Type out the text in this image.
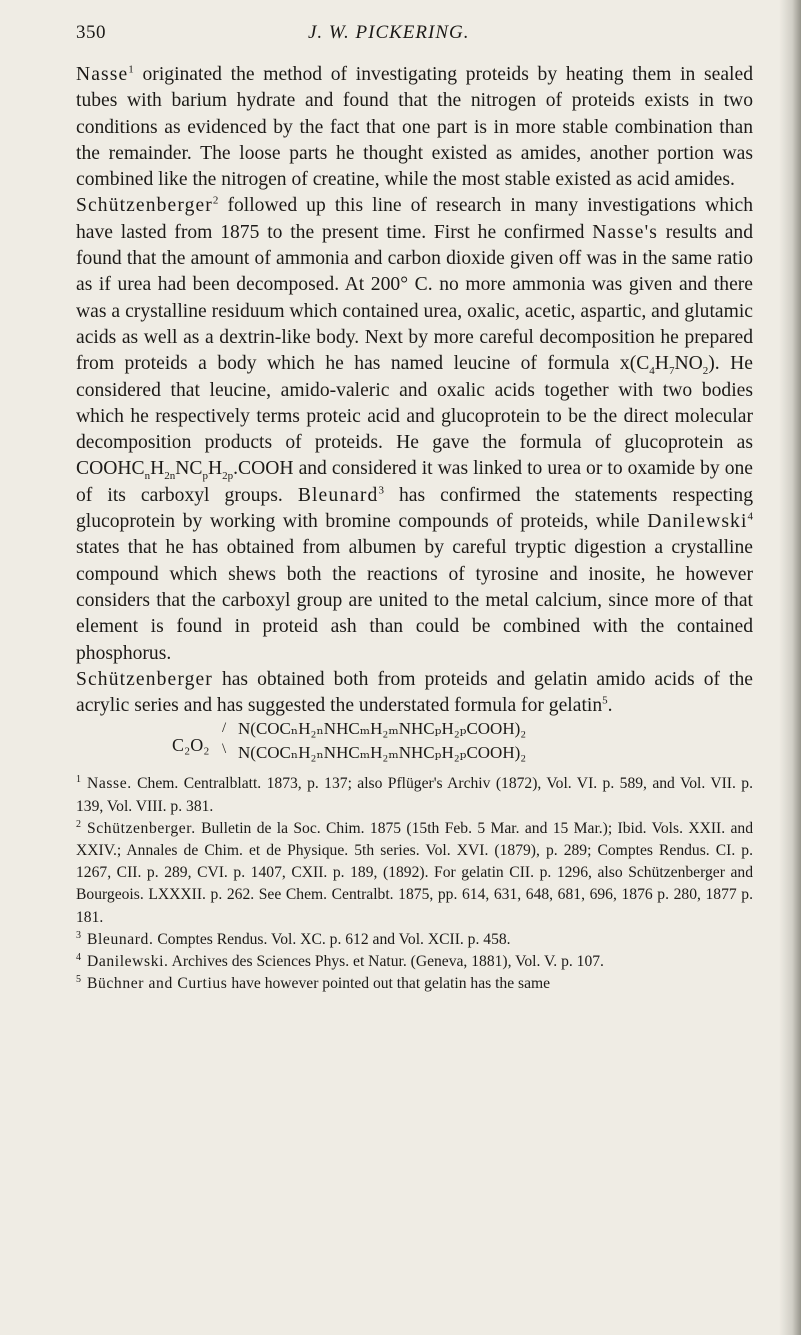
350	J. W. PICKERING.

Nasse$^1$ originated the method of investigating proteids by heating them in sealed tubes with barium hydrate and found that the nitrogen of proteids exists in two conditions as evidenced by the fact that one part is in more stable combination than the remainder. The loose parts he thought existed as amides, another portion was combined like the nitrogen of creatine, while the most stable existed as acid amides.

Schützenberger$^2$ followed up this line of research in many investigations which have lasted from 1875 to the present time. First he confirmed Nasse's results and found that the amount of ammonia and carbon dioxide given off was in the same ratio as if urea had been decomposed. At 200° C. no more ammonia was given and there was a crystalline residuum which contained urea, oxalic, acetic, aspartic, and glutamic acids as well as a dextrin-like body. Next by more careful decomposition he prepared from proteids a body which he has named leucine of formula $x(C_4H_7NO_2)$. He considered that leucine, amido-valeric and oxalic acids together with two bodies which he respectively terms proteic acid and glucoprotein to be the direct molecular decomposition products of proteids. He gave the formula of glucoprotein as $COOHC_nH_{2n}NC_pH_{2p}.COOH$ and considered it was linked to urea or to oxamide by one of its carboxyl groups. Bleunard$^3$ has confirmed the statements respecting glucoprotein by working with bromine compounds of proteids, while Danilewski$^4$ states that he has obtained from albumen by careful tryptic digestion a crystalline compound which shews both the reactions of tyrosine and inosite, he however considers that the carboxyl group are united to the metal calcium, since more of that element is found in proteid ash than could be combined with the contained phosphorus.

Schützenberger has obtained both from proteids and gelatin amido acids of the acrylic series and has suggested the understated formula for gelatin$^5$.

C₂O₂
/
\
N(COCₙH₂ₙNHCₘH₂ₘNHCₚH₂ₚCOOH)₂
N(COCₙH₂ₙNHCₘH₂ₘNHCₚH₂ₚCOOH)₂

$^1$ Nasse. Chem. Centralblatt. 1873, p. 137; also Pflüger's Archiv (1872), Vol. VI. p. 589, and Vol. VII. p. 139, Vol. VIII. p. 381.

$^2$ Schützenberger. Bulletin de la Soc. Chim. 1875 (15th Feb. 5 Mar. and 15 Mar.); Ibid. Vols. XXII. and XXIV.; Annales de Chim. et de Physique. 5th series. Vol. XVI. (1879), p. 289; Comptes Rendus. CI. p. 1267, CII. p. 289, CVI. p. 1407, CXII. p. 189, (1892). For gelatin CII. p. 1296, also Schützenberger and Bourgeois. LXXXII. p. 262. See Chem. Centralbt. 1875, pp. 614, 631, 648, 681, 696, 1876 p. 280, 1877 p. 181.

$^3$ Bleunard. Comptes Rendus. Vol. XC. p. 612 and Vol. XCII. p. 458.

$^4$ Danilewski. Archives des Sciences Phys. et Natur. (Geneva, 1881), Vol. V. p. 107.

$^5$ Büchner and Curtius have however pointed out that gelatin has the same
